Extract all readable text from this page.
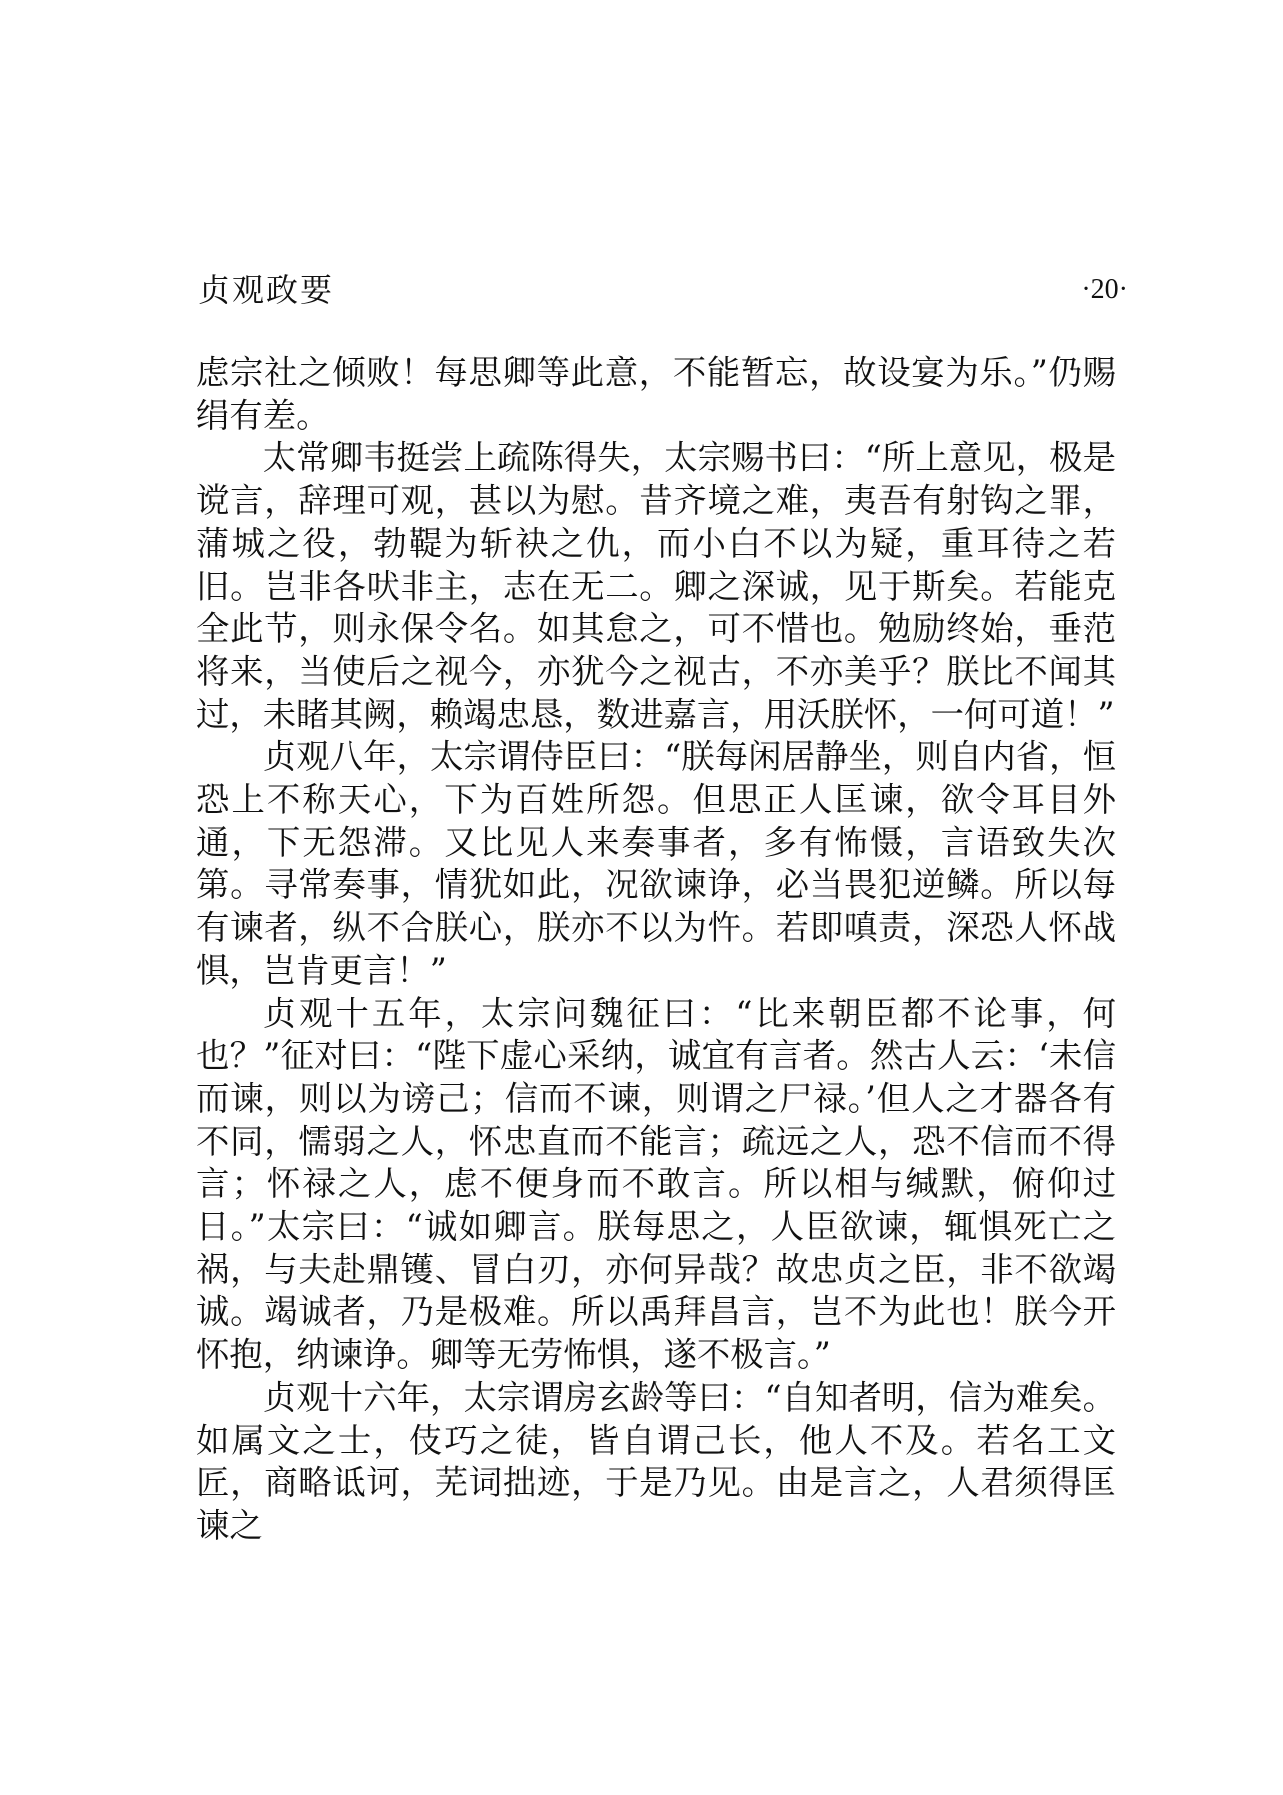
贞观政要	·20·

虑宗社之倾败！每思卿等此意，不能暂忘，故设宴为乐。”仍赐绢有差。

太常卿韦挺尝上疏陈得失，太宗赐书曰：“所上意见，极是谠言，辞理可观，甚以为慰。昔齐境之难，夷吾有射钩之罪，蒲城之役，勃鞮为斩袂之仇，而小白不以为疑，重耳待之若旧。岂非各吠非主，志在无二。卿之深诚，见于斯矣。若能克全此节，则永保令名。如其怠之，可不惜也。勉励终始，垂范将来，当使后之视今，亦犹今之视古，不亦美乎？朕比不闻其过，未睹其阙，赖竭忠恳，数进嘉言，用沃朕怀，一何可道！”

贞观八年，太宗谓侍臣曰：“朕每闲居静坐，则自内省，恒恐上不称天心，下为百姓所怨。但思正人匡谏，欲令耳目外通，下无怨滞。又比见人来奏事者，多有怖慑，言语致失次第。寻常奏事，情犹如此，况欲谏诤，必当畏犯逆鳞。所以每有谏者，纵不合朕心，朕亦不以为忤。若即嗔责，深恐人怀战惧，岂肯更言！”

贞观十五年，太宗问魏征曰：“比来朝臣都不论事，何也？”征对曰：“陛下虚心采纳，诚宜有言者。然古人云：‘未信而谏，则以为谤己；信而不谏，则谓之尸禄。’但人之才器各有不同，懦弱之人，怀忠直而不能言；疏远之人，恐不信而不得言；怀禄之人，虑不便身而不敢言。所以相与缄默，俯仰过日。”太宗曰：“诚如卿言。朕每思之，人臣欲谏，辄惧死亡之祸，与夫赴鼎镬、冒白刃，亦何异哉？故忠贞之臣，非不欲竭诚。竭诚者，乃是极难。所以禹拜昌言，岂不为此也！朕今开怀抱，纳谏诤。卿等无劳怖惧，遂不极言。”

贞观十六年，太宗谓房玄龄等曰：“自知者明，信为难矣。如属文之士，伎巧之徒，皆自谓己长，他人不及。若名工文匠，商略诋诃，芜词拙迹，于是乃见。由是言之，人君须得匡谏之
